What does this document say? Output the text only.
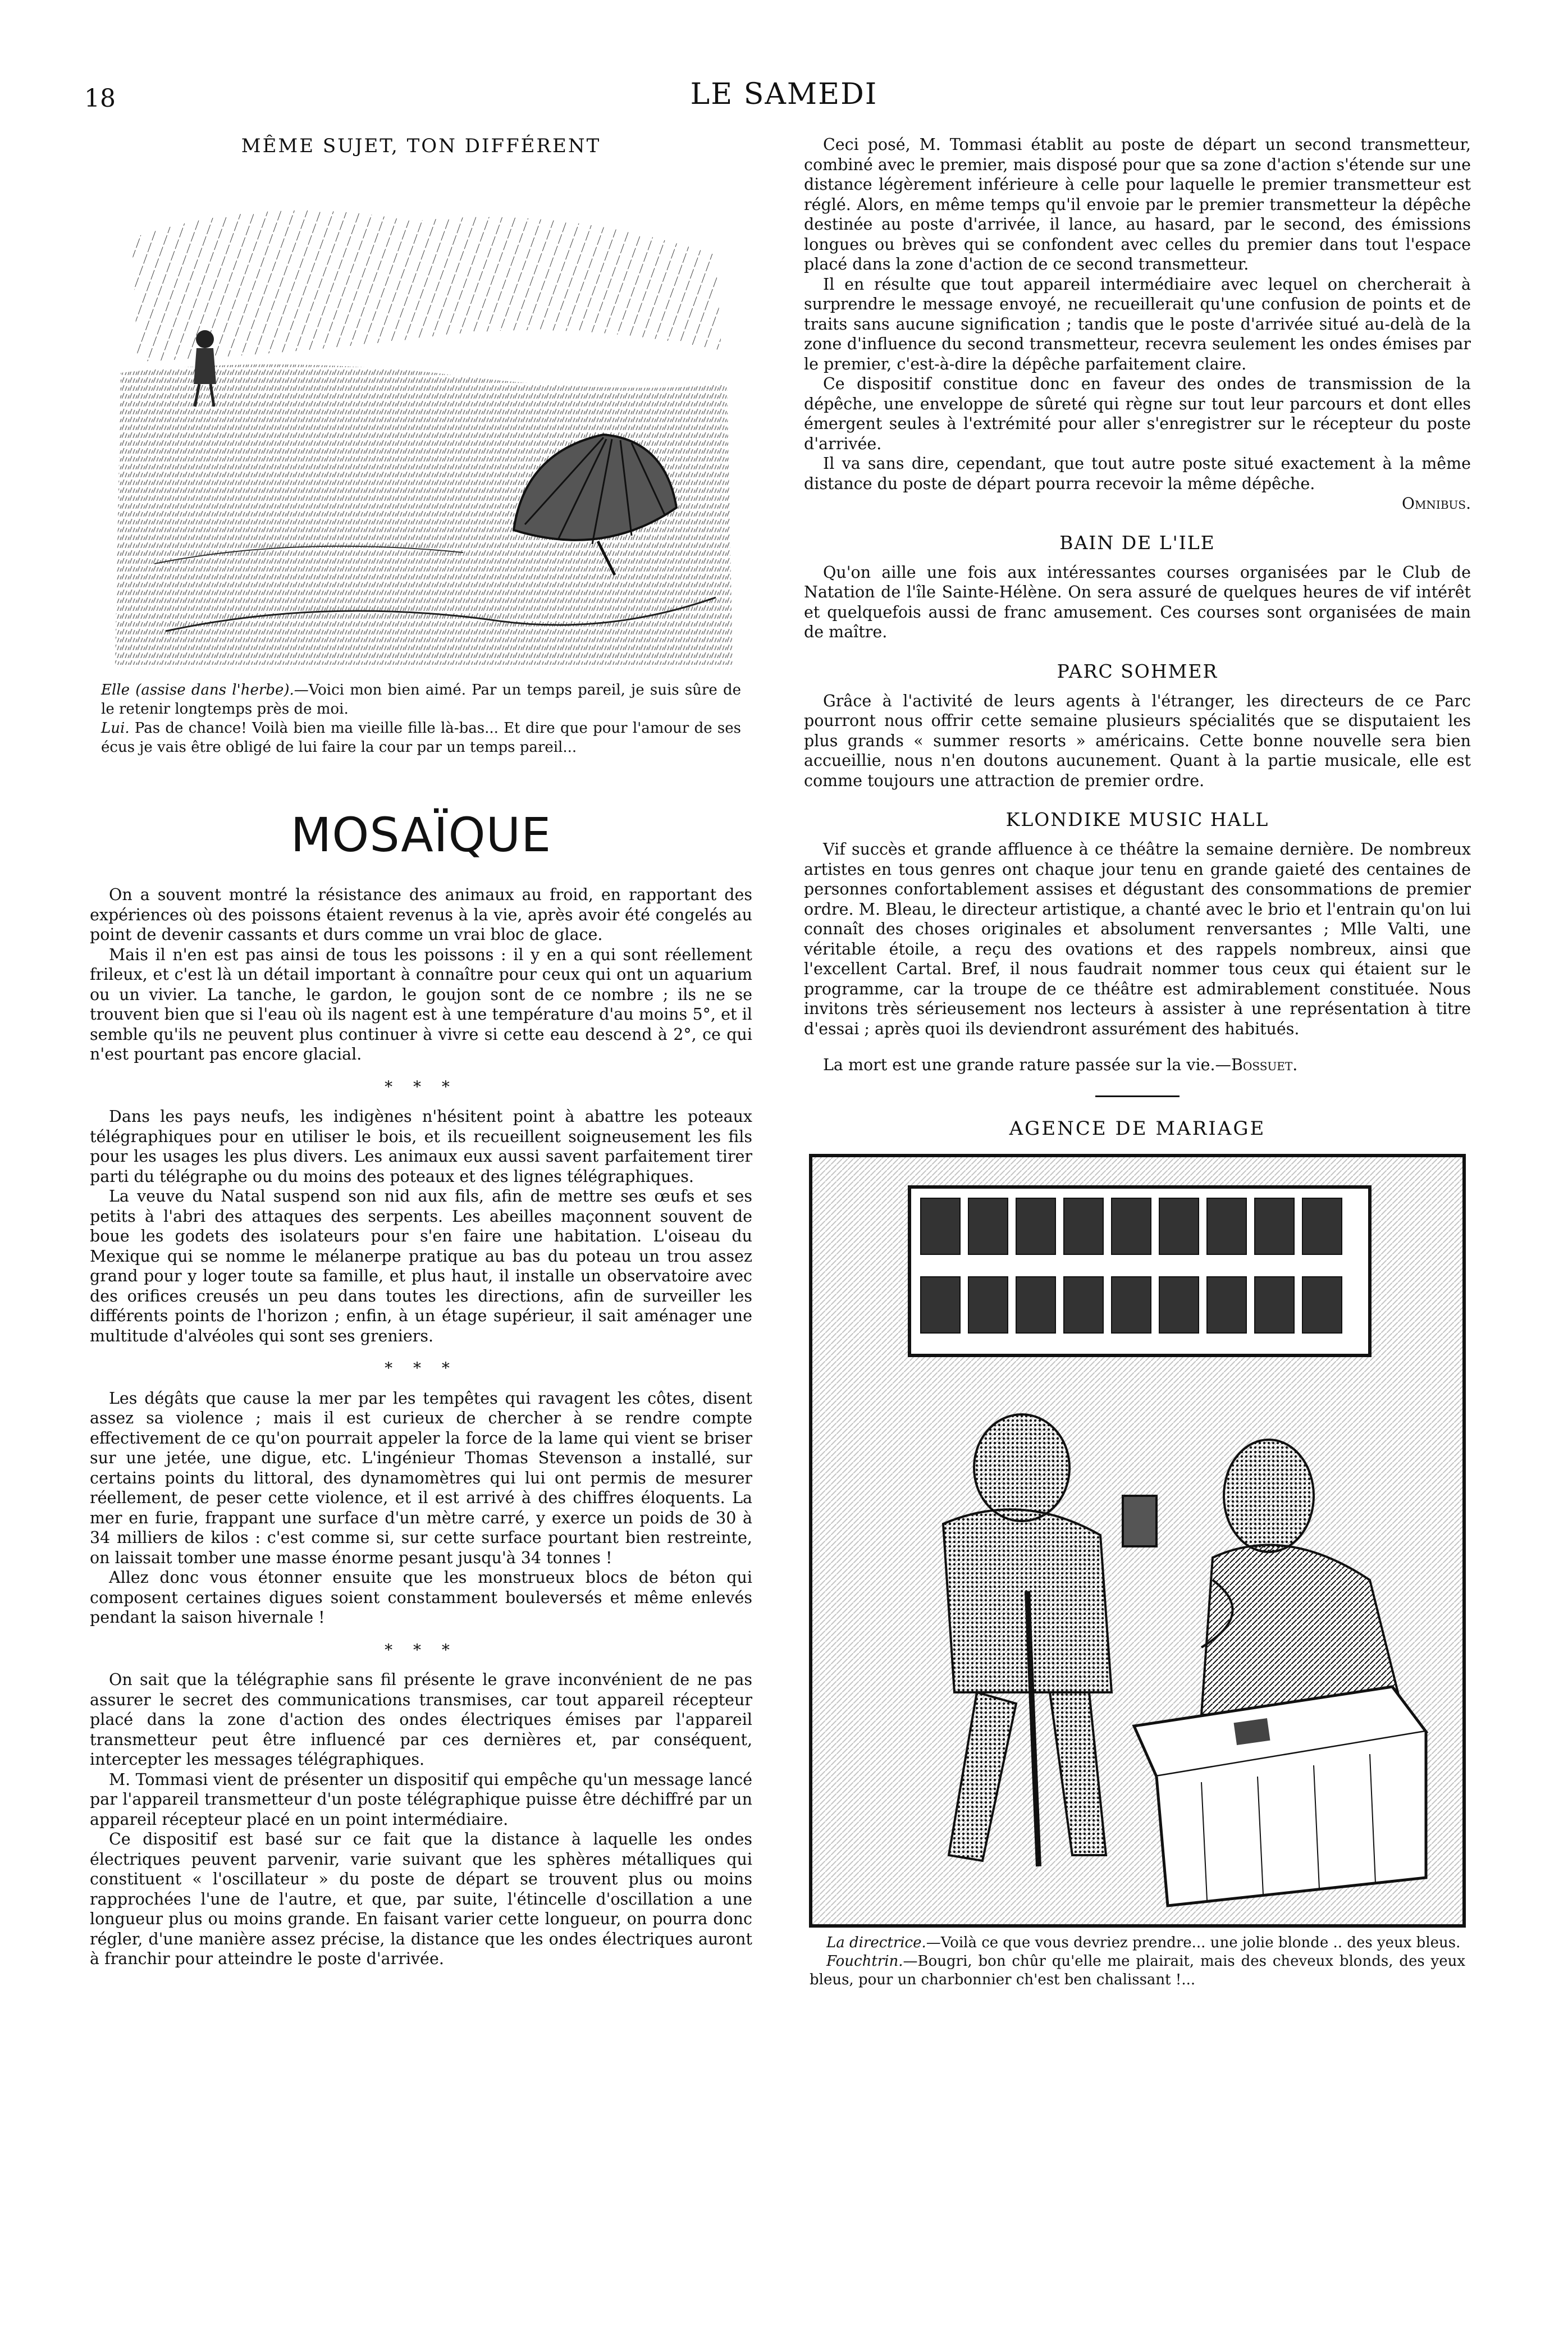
18	LE SAMEDI
MÊME SUJET, TON DIFFÉRENT

Elle (assise dans l'herbe).—Voici mon bien aimé. Par un temps pareil, je suis sûre de le retenir longtemps près de moi.

Lui. Pas de chance! Voilà bien ma vieille fille là-bas... Et dire que pour l'amour de ses écus je vais être obligé de lui faire la cour par un temps pareil...

MOSAÏQUE

On a souvent montré la résistance des animaux au froid, en rapportant des expériences où des poissons étaient revenus à la vie, après avoir été congelés au point de devenir cassants et durs comme un vrai bloc de glace.

Mais il n'en est pas ainsi de tous les poissons : il y en a qui sont réellement frileux, et c'est là un détail important à connaître pour ceux qui ont un aquarium ou un vivier. La tanche, le gardon, le goujon sont de ce nombre ; ils ne se trouvent bien que si l'eau où ils nagent est à une température d'au moins 5°, et il semble qu'ils ne peuvent plus continuer à vivre si cette eau descend à 2°, ce qui n'est pourtant pas encore glacial.

* * *

Dans les pays neufs, les indigènes n'hésitent point à abattre les poteaux télégraphiques pour en utiliser le bois, et ils recueillent soigneusement les fils pour les usages les plus divers. Les animaux eux aussi savent parfaitement tirer parti du télégraphe ou du moins des poteaux et des lignes télégraphiques.

La veuve du Natal suspend son nid aux fils, afin de mettre ses œufs et ses petits à l'abri des attaques des serpents. Les abeilles maçonnent souvent de boue les godets des isolateurs pour s'en faire une habitation. L'oiseau du Mexique qui se nomme le mélanerpe pratique au bas du poteau un trou assez grand pour y loger toute sa famille, et plus haut, il installe un observatoire avec des orifices creusés un peu dans toutes les directions, afin de surveiller les différents points de l'horizon ; enfin, à un étage supérieur, il sait aménager une multitude d'alvéoles qui sont ses greniers.

* * *

Les dégâts que cause la mer par les tempêtes qui ravagent les côtes, disent assez sa violence ; mais il est curieux de chercher à se rendre compte effectivement de ce qu'on pourrait appeler la force de la lame qui vient se briser sur une jetée, une digue, etc. L'ingénieur Thomas Stevenson a installé, sur certains points du littoral, des dynamomètres qui lui ont permis de mesurer réellement, de peser cette violence, et il est arrivé à des chiffres éloquents. La mer en furie, frappant une surface d'un mètre carré, y exerce un poids de 30 à 34 milliers de kilos : c'est comme si, sur cette surface pourtant bien restreinte, on laissait tomber une masse énorme pesant jusqu'à 34 tonnes !

Allez donc vous étonner ensuite que les monstrueux blocs de béton qui composent certaines digues soient constamment bouleversés et même enlevés pendant la saison hivernale !

* * *

On sait que la télégraphie sans fil présente le grave inconvénient de ne pas assurer le secret des communications transmises, car tout appareil récepteur placé dans la zone d'action des ondes électriques émises par l'appareil transmetteur peut être influencé par ces dernières et, par conséquent, intercepter les messages télégraphiques.

M. Tommasi vient de présenter un dispositif qui empêche qu'un message lancé par l'appareil transmetteur d'un poste télégraphique puisse être déchiffré par un appareil récepteur placé en un point intermédiaire.

Ce dispositif est basé sur ce fait que la distance à laquelle les ondes électriques peuvent parvenir, varie suivant que les sphères métalliques qui constituent « l'oscillateur » du poste de départ se trouvent plus ou moins rapprochées l'une de l'autre, et que, par suite, l'étincelle d'oscillation a une longueur plus ou moins grande. En faisant varier cette longueur, on pourra donc régler, d'une manière assez précise, la distance que les ondes électriques auront à franchir pour atteindre le poste d'arrivée.

Ceci posé, M. Tommasi établit au poste de départ un second transmetteur, combiné avec le premier, mais disposé pour que sa zone d'action s'étende sur une distance légèrement inférieure à celle pour laquelle le premier transmetteur est réglé. Alors, en même temps qu'il envoie par le premier transmetteur la dépêche destinée au poste d'arrivée, il lance, au hasard, par le second, des émissions longues ou brèves qui se confondent avec celles du premier dans tout l'espace placé dans la zone d'action de ce second transmetteur.

Il en résulte que tout appareil intermédiaire avec lequel on chercherait à surprendre le message envoyé, ne recueillerait qu'une confusion de points et de traits sans aucune signification ; tandis que le poste d'arrivée situé au-delà de la zone d'influence du second transmetteur, recevra seulement les ondes émises par le premier, c'est-à-dire la dépêche parfaitement claire.

Ce dispositif constitue donc en faveur des ondes de transmission de la dépêche, une enveloppe de sûreté qui règne sur tout leur parcours et dont elles émergent seules à l'extrémité pour aller s'enregistrer sur le récepteur du poste d'arrivée.

Il va sans dire, cependant, que tout autre poste situé exactement à la même distance du poste de départ pourra recevoir la même dépêche.

Omnibus.
BAIN DE L'ILE

Qu'on aille une fois aux intéressantes courses organisées par le Club de Natation de l'île Sainte-Hélène. On sera assuré de quelques heures de vif intérêt et quelquefois aussi de franc amusement. Ces courses sont organisées de main de maître.

PARC SOHMER

Grâce à l'activité de leurs agents à l'étranger, les directeurs de ce Parc pourront nous offrir cette semaine plusieurs spécialités que se disputaient les plus grands « summer resorts » américains. Cette bonne nouvelle sera bien accueillie, nous n'en doutons aucunement. Quant à la partie musicale, elle est comme toujours une attraction de premier ordre.

KLONDIKE MUSIC HALL

Vif succès et grande affluence à ce théâtre la semaine dernière. De nombreux artistes en tous genres ont chaque jour tenu en grande gaieté des centaines de personnes confortablement assises et dégustant des consommations de premier ordre. M. Bleau, le directeur artistique, a chanté avec le brio et l'entrain qu'on lui connaît des choses originales et absolument renversantes ; Mlle Valti, une véritable étoile, a reçu des ovations et des rappels nombreux, ainsi que l'excellent Cartal. Bref, il nous faudrait nommer tous ceux qui étaient sur le programme, car la troupe de ce théâtre est admirablement constituée. Nous invitons très sérieusement nos lecteurs à assister à une représentation à titre d'essai ; après quoi ils deviendront assurément des habitués.

La mort est une grande rature passée sur la vie.—Bossuet.
AGENCE DE MARIAGE

La directrice.—Voilà ce que vous devriez prendre... une jolie blonde .. des yeux bleus.

Fouchtrin.—Bougri, bon chûr qu'elle me plairait, mais des cheveux blonds, des yeux bleus, pour un charbonnier ch'est ben chalissant !...
